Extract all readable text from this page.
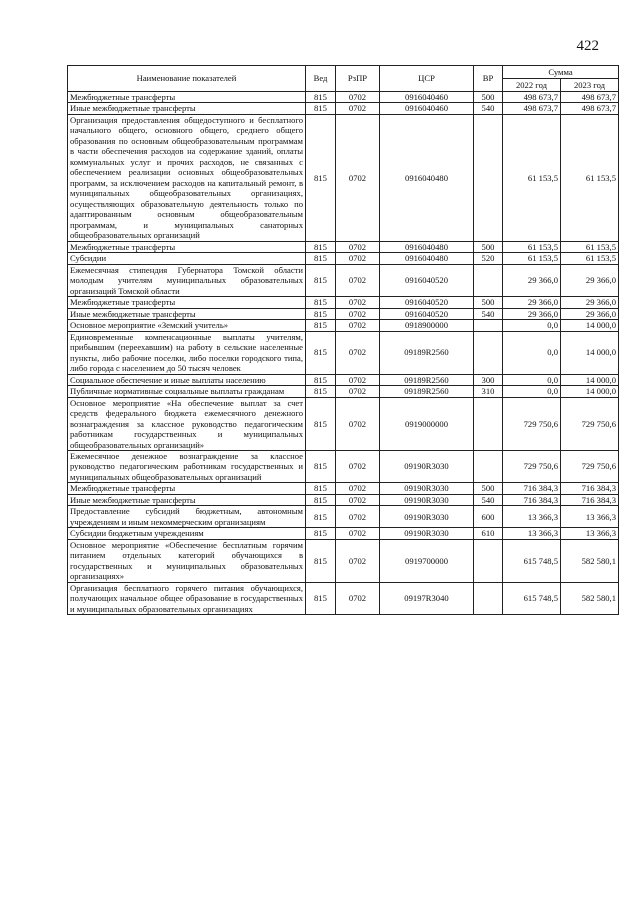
422
Наименование показателей	Вед	РзПР	ЦСР	ВР	Сумма	
					2022 год	2023 год
Межбюджетные трансферты	815	0702	0916040460	500	498 673,7	498 673,7
Иные межбюджетные трансферты	815	0702	0916040460	540	498 673,7	498 673,7
Организация предоставления общедоступного и бесплатного начального общего, основного общего, среднего общего образования по основным общеобразовательным программам в части обеспечения расходов на содержание зданий, оплаты коммунальных услуг и прочих расходов, не связанных с обеспечением реализации основных общеобразовательных программ, за исключением расходов на капитальный ремонт, в муниципальных общеобразовательных организациях, осуществляющих образовательную деятельность только по адаптированным основным общеобразовательным программам, и муниципальных санаторных общеобразовательных организаций	815	0702	0916040480		61 153,5	61 153,5
Межбюджетные трансферты	815	0702	0916040480	500	61 153,5	61 153,5
Субсидии	815	0702	0916040480	520	61 153,5	61 153,5
Ежемесячная стипендия Губернатора Томской области молодым учителям муниципальных образовательных организаций Томской области	815	0702	0916040520		29 366,0	29 366,0
Межбюджетные трансферты	815	0702	0916040520	500	29 366,0	29 366,0
Иные межбюджетные трансферты	815	0702	0916040520	540	29 366,0	29 366,0
Основное мероприятие «Земский учитель»	815	0702	0918900000		0,0	14 000,0
Единовременные компенсационные выплаты учителям, прибывшим (переехавшим) на работу в сельские населенные пункты, либо рабочие поселки, либо поселки городского типа, либо города с населением до 50 тысяч человек	815	0702	09189R2560		0,0	14 000,0
Социальное обеспечение и иные выплаты населению	815	0702	09189R2560	300	0,0	14 000,0
Публичные нормативные социальные выплаты гражданам	815	0702	09189R2560	310	0,0	14 000,0
Основное мероприятие «На обеспечение выплат за счет средств федерального бюджета ежемесячного денежного вознаграждения за классное руководство педагогическим работникам государственных и муниципальных общеобразовательных организаций»	815	0702	0919000000		729 750,6	729 750,6
Ежемесячное денежное вознаграждение за классное руководство педагогическим работникам государственных и муниципальных общеобразовательных организаций	815	0702	09190R3030		729 750,6	729 750,6
Межбюджетные трансферты	815	0702	09190R3030	500	716 384,3	716 384,3
Иные межбюджетные трансферты	815	0702	09190R3030	540	716 384,3	716 384,3
Предоставление субсидий бюджетным, автономным учреждениям и иным некоммерческим организациям	815	0702	09190R3030	600	13 366,3	13 366,3
Субсидии бюджетным учреждениям	815	0702	09190R3030	610	13 366,3	13 366,3
Основное мероприятие «Обеспечение бесплатным горячим питанием отдельных категорий обучающихся в государственных и муниципальных образовательных организациях»	815	0702	0919700000		615 748,5	582 580,1
Организация бесплатного горячего питания обучающихся, получающих начальное общее образование в государственных и муниципальных образовательных организациях	815	0702	09197R3040		615 748,5	582 580,1
